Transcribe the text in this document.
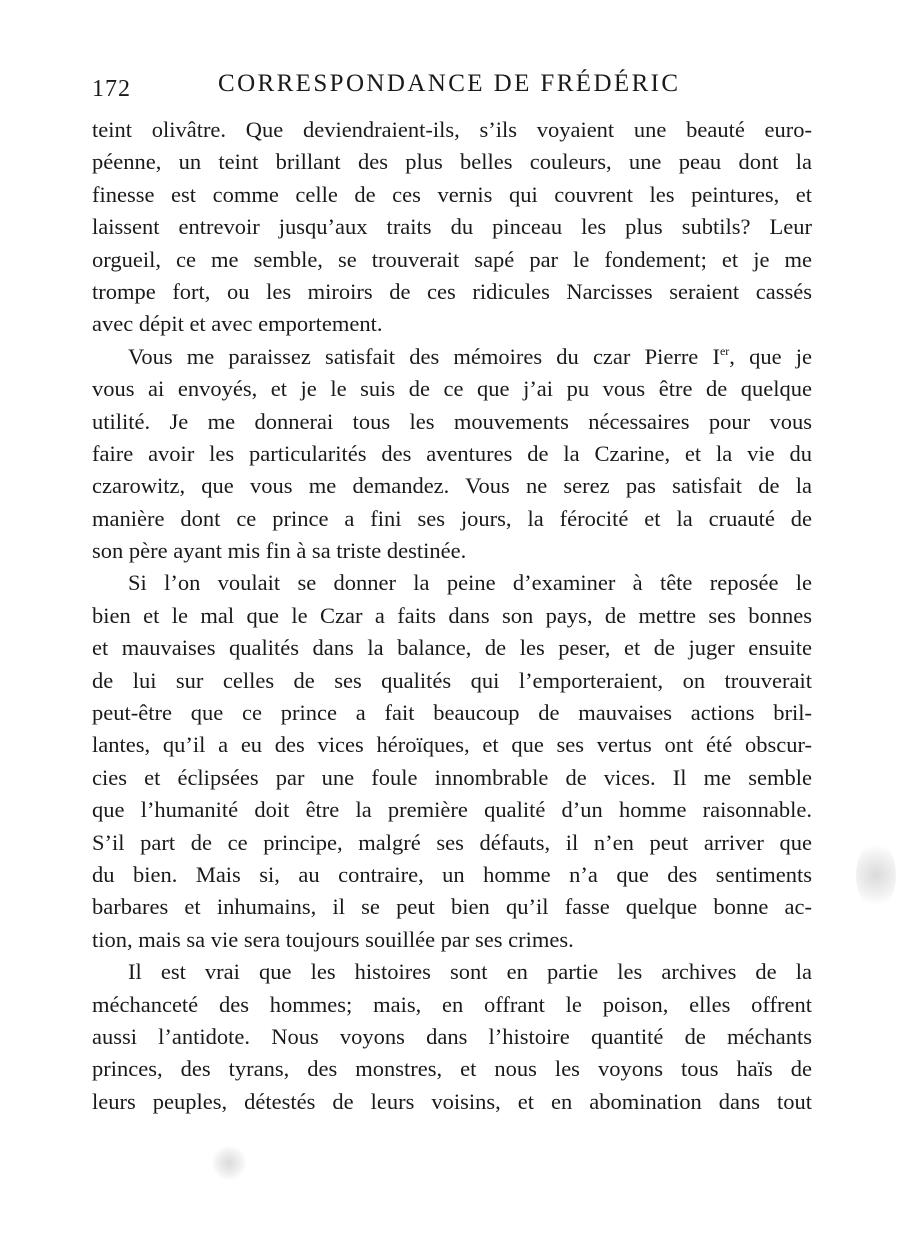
172	CORRESPONDANCE DE FRÉDÉRIC
teint olivâtre. Que deviendraient-ils, s’ils voyaient une beauté euro-
péenne, un teint brillant des plus belles couleurs, une peau dont la
finesse est comme celle de ces vernis qui couvrent les peintures, et
laissent entrevoir jusqu’aux traits du pinceau les plus subtils? Leur
orgueil, ce me semble, se trouverait sapé par le fondement; et je me
trompe fort, ou les miroirs de ces ridicules Narcisses seraient cassés
avec dépit et avec emportement.
Vous me paraissez satisfait des mémoires du czar Pierre Ier, que je
vous ai envoyés, et je le suis de ce que j’ai pu vous être de quelque
utilité. Je me donnerai tous les mouvements nécessaires pour vous
faire avoir les particularités des aventures de la Czarine, et la vie du
czarowitz, que vous me demandez. Vous ne serez pas satisfait de la
manière dont ce prince a fini ses jours, la férocité et la cruauté de
son père ayant mis fin à sa triste destinée.
Si l’on voulait se donner la peine d’examiner à tête reposée le
bien et le mal que le Czar a faits dans son pays, de mettre ses bonnes
et mauvaises qualités dans la balance, de les peser, et de juger ensuite
de lui sur celles de ses qualités qui l’emporteraient, on trouverait
peut-être que ce prince a fait beaucoup de mauvaises actions bril-
lantes, qu’il a eu des vices héroïques, et que ses vertus ont été obscur-
cies et éclipsées par une foule innombrable de vices. Il me semble
que l’humanité doit être la première qualité d’un homme raisonnable.
S’il part de ce principe, malgré ses défauts, il n’en peut arriver que
du bien. Mais si, au contraire, un homme n’a que des sentiments
barbares et inhumains, il se peut bien qu’il fasse quelque bonne ac-
tion, mais sa vie sera toujours souillée par ses crimes.
Il est vrai que les histoires sont en partie les archives de la
méchanceté des hommes; mais, en offrant le poison, elles offrent
aussi l’antidote. Nous voyons dans l’histoire quantité de méchants
princes, des tyrans, des monstres, et nous les voyons tous haïs de
leurs peuples, détestés de leurs voisins, et en abomination dans tout
